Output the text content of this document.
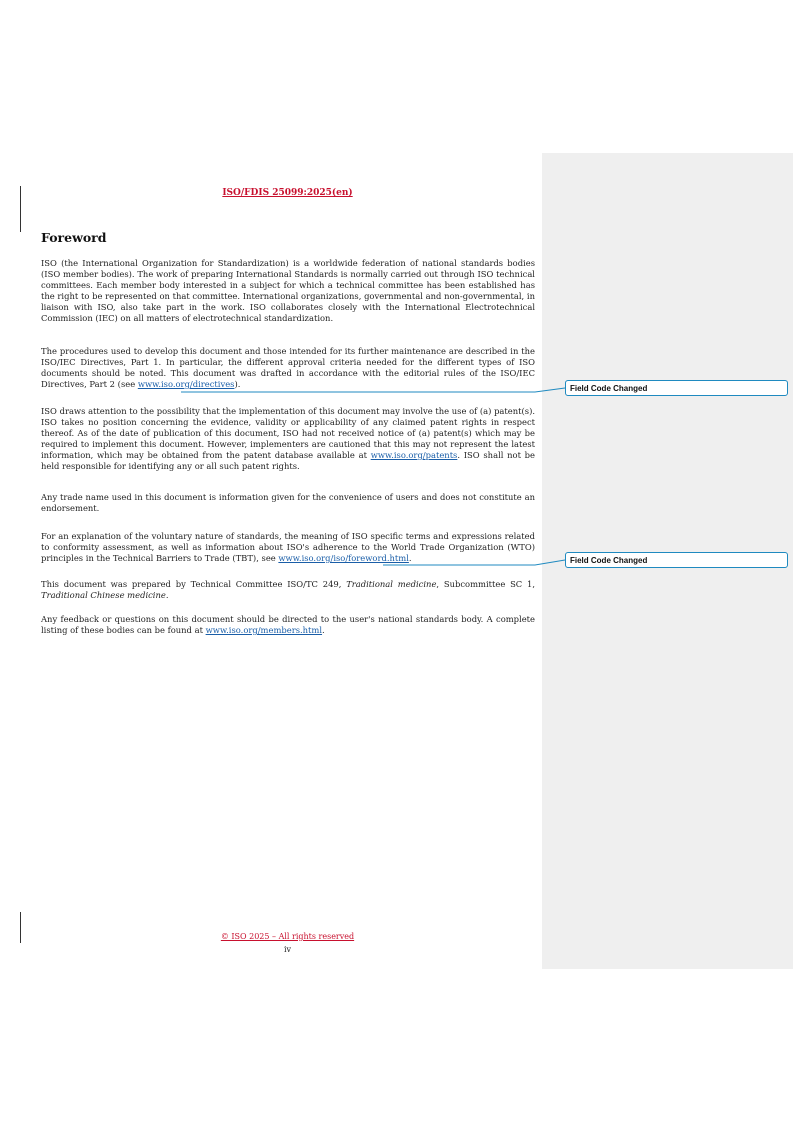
Field Code Changed
Field Code Changed
ISO/FDIS 25099:2025(en)
Foreword

ISO (the International Organization for Standardization) is a worldwide federation of national standards bodies (ISO member bodies). The work of preparing International Standards is normally carried out through ISO technical committees. Each member body interested in a subject for which a technical committee has been established has the right to be represented on that committee. International organizations, governmental and non-governmental, in liaison with ISO, also take part in the work. ISO collaborates closely with the International Electrotechnical Commission (IEC) on all matters of electrotechnical standardization.

The procedures used to develop this document and those intended for its further maintenance are described in the ISO/IEC Directives, Part 1. In particular, the different approval criteria needed for the different types of ISO documents should be noted. This document was drafted in accordance with the editorial rules of the ISO/IEC Directives, Part 2 (see www.iso.org/directives).

ISO draws attention to the possibility that the implementation of this document may involve the use of (a) patent(s). ISO takes no position concerning the evidence, validity or applicability of any claimed patent rights in respect thereof. As of the date of publication of this document, ISO had not received notice of (a) patent(s) which may be required to implement this document. However, implementers are cautioned that this may not represent the latest information, which may be obtained from the patent database available at www.iso.org/patents. ISO shall not be held responsible for identifying any or all such patent rights.

Any trade name used in this document is information given for the convenience of users and does not constitute an endorsement.

For an explanation of the voluntary nature of standards, the meaning of ISO specific terms and expressions related to conformity assessment, as well as information about ISO's adherence to the World Trade Organization (WTO) principles in the Technical Barriers to Trade (TBT), see www.iso.org/iso/foreword.html.

This document was prepared by Technical Committee ISO/TC 249, Traditional medicine, Subcommittee SC 1, Traditional Chinese medicine.

Any feedback or questions on this document should be directed to the user's national standards body. A complete listing of these bodies can be found at www.iso.org/members.html.

© ISO 2025 – All rights reserved
iv
